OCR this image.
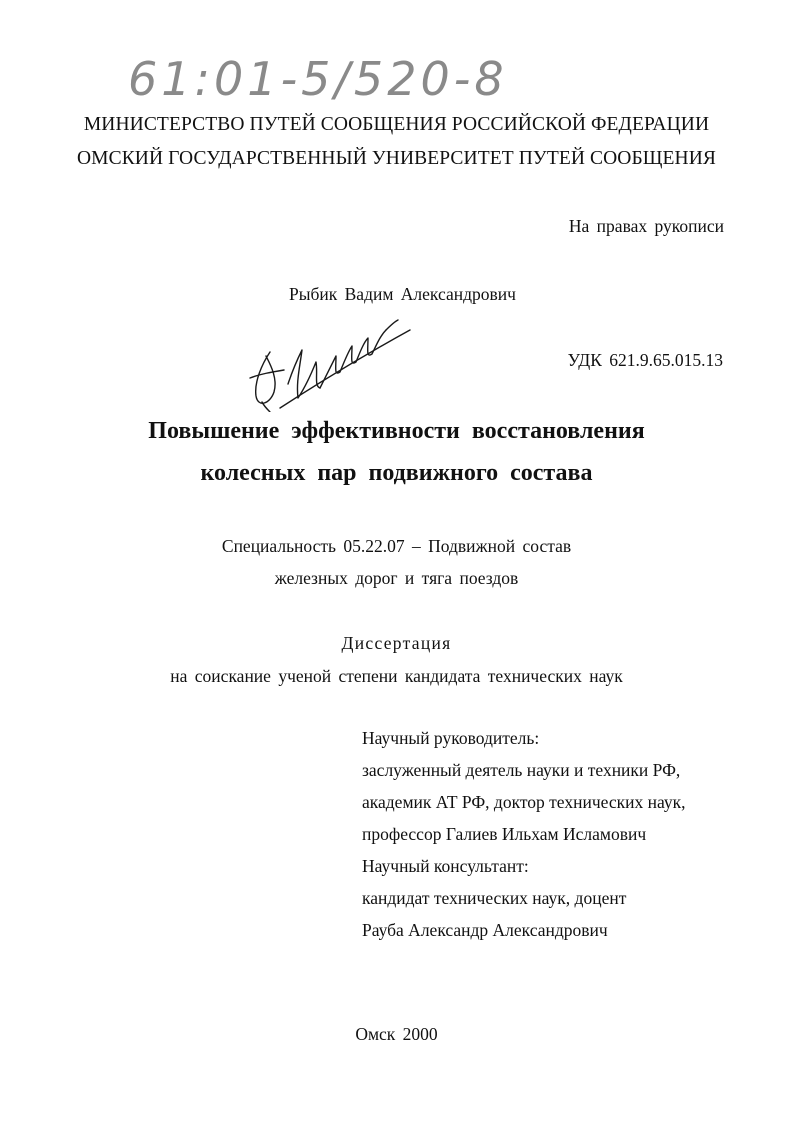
61:01-5/520-8
МИНИСТЕРСТВО ПУТЕЙ СООБЩЕНИЯ РОССИЙСКОЙ ФЕДЕРАЦИИ
ОМСКИЙ ГОСУДАРСТВЕННЫЙ УНИВЕРСИТЕТ ПУТЕЙ СООБЩЕНИЯ
На правах рукописи
Рыбик Вадим Александрович
УДК 621.9.65.015.13
Повышение эффективности восстановления
колесных пар подвижного состава
Специальность 05.22.07 – Подвижной состав
железных дорог и тяга поездов
Диссертация
на соискание ученой степени кандидата технических наук
Научный руководитель:
заслуженный деятель науки и техники РФ,
академик АТ РФ, доктор технических наук,
профессор Галиев Ильхам Исламович
Научный консультант:
кандидат технических наук, доцент
Рауба Александр Александрович
Омск 2000
